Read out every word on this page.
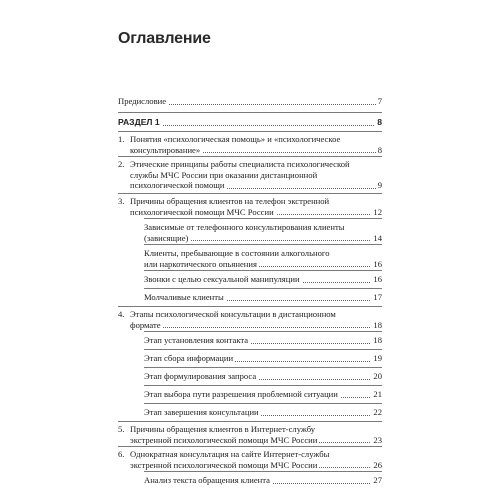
Оглавление
Предисловие	7
РАЗДЕЛ 1	8
1. Понятия «психологическая помощь» и «психологическое
консультирование»	8
2. Этические принципы работы специалиста психологической
службы МЧС России при оказании дистанционной
психологической помощи	9
3. Причины обращения клиентов на телефон экстренной
психологической помощи МЧС России	12
Зависимые от телефонного консультирования клиенты
(зависящие)	14
Клиенты, пребывающие в состоянии алкогольного
или наркотического опьянения	16
Звонки с целью сексуальной манипуляции	16
Молчаливые клиенты	17
4. Этапы психологической консультации в дистанционном
формате	18
Этап установления контакта	18
Этап сбора информации	19
Этап формулирования запроса	20
Этап выбора пути разрешения проблемной ситуации	21
Этап завершения консультации	22
5. Причины обращения клиентов в Интернет-службу
экстренной психологической помощи МЧС России	23
6. Однократная консультация на сайте Интернет-службы
экстренной психологической помощи МЧС России	26
Анализ текста обращения клиента	27
